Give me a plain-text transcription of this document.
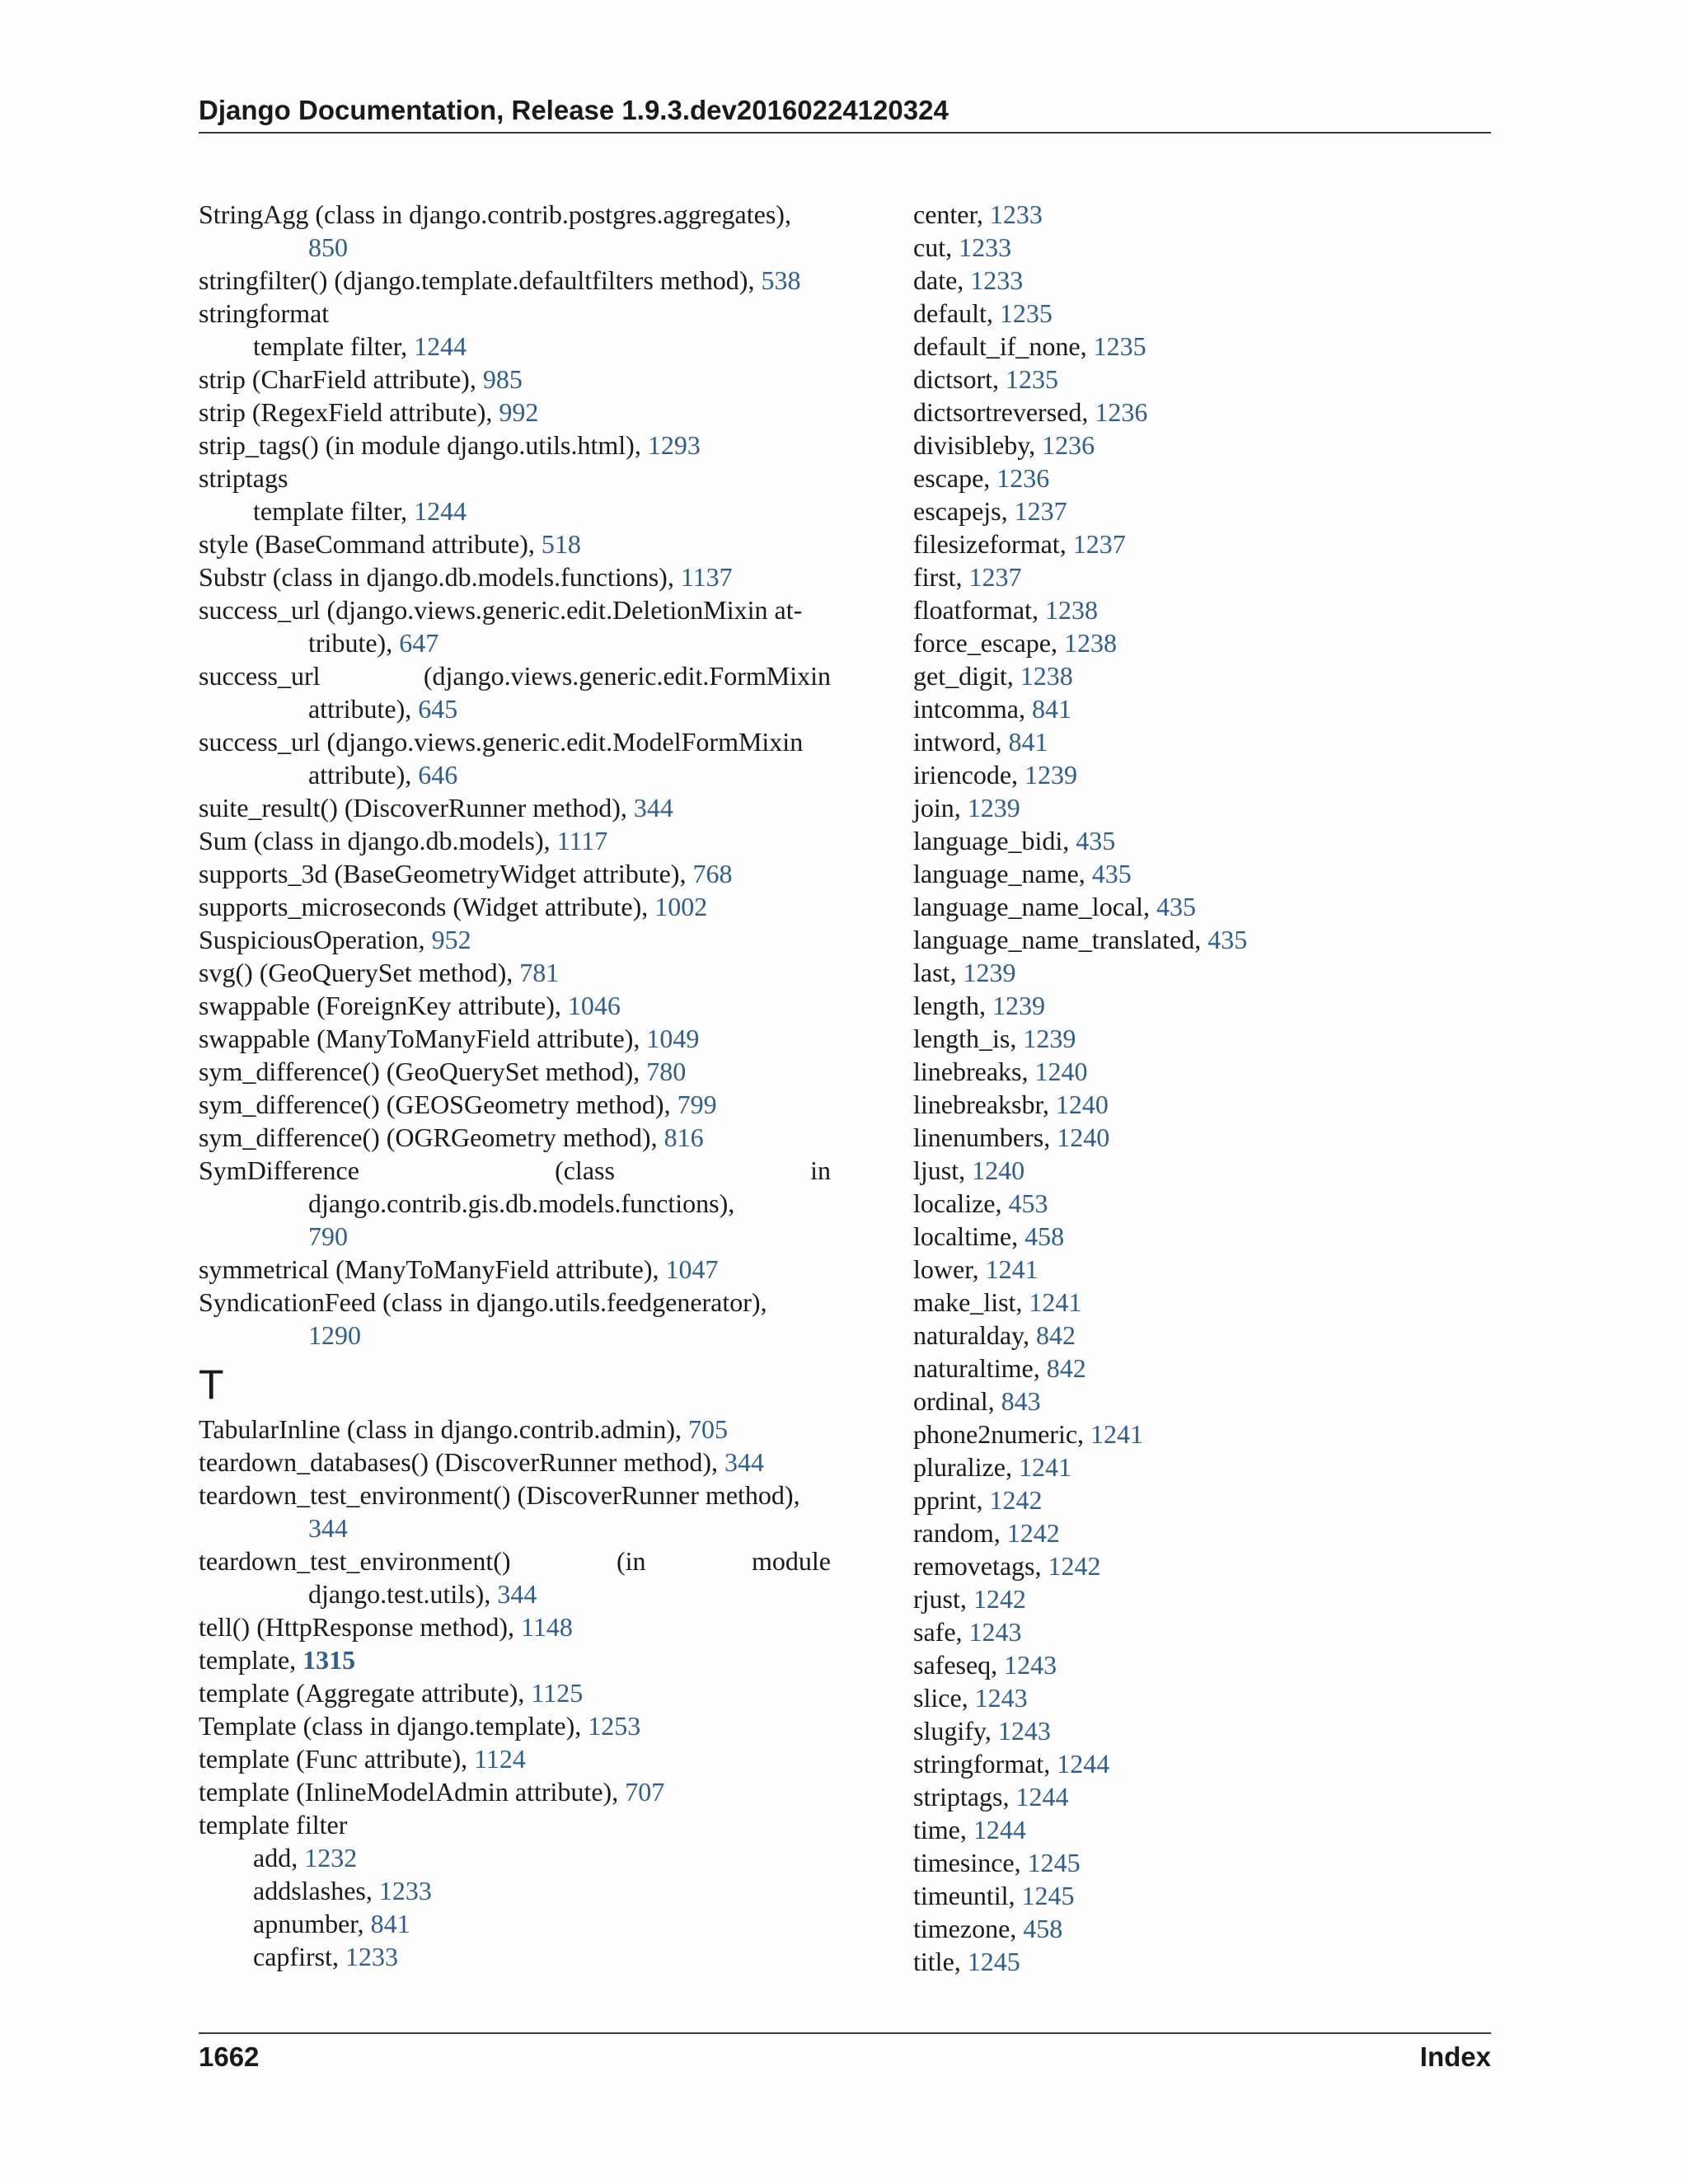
Django Documentation, Release 1.9.3.dev20160224120324
StringAgg (class in django.contrib.postgres.aggregates),
850
stringfilter() (django.template.defaultfilters method), 538
stringformat
template filter, 1244
strip (CharField attribute), 985
strip (RegexField attribute), 992
strip_tags() (in module django.utils.html), 1293
striptags
template filter, 1244
style (BaseCommand attribute), 518
Substr (class in django.db.models.functions), 1137
success_url (django.views.generic.edit.DeletionMixin at-
tribute), 647
success_url	(django.views.generic.edit.FormMixin
attribute), 645
success_url (django.views.generic.edit.ModelFormMixin
attribute), 646
suite_result() (DiscoverRunner method), 344
Sum (class in django.db.models), 1117
supports_3d (BaseGeometryWidget attribute), 768
supports_microseconds (Widget attribute), 1002
SuspiciousOperation, 952
svg() (GeoQuerySet method), 781
swappable (ForeignKey attribute), 1046
swappable (ManyToManyField attribute), 1049
sym_difference() (GeoQuerySet method), 780
sym_difference() (GEOSGeometry method), 799
sym_difference() (OGRGeometry method), 816
SymDifference	(class	in
django.contrib.gis.db.models.functions),
790
symmetrical (ManyToManyField attribute), 1047
SyndicationFeed (class in django.utils.feedgenerator),
1290
T
TabularInline (class in django.contrib.admin), 705
teardown_databases() (DiscoverRunner method), 344
teardown_test_environment() (DiscoverRunner method),
344
teardown_test_environment()	(in	module
django.test.utils), 344
tell() (HttpResponse method), 1148
template, 1315
template (Aggregate attribute), 1125
Template (class in django.template), 1253
template (Func attribute), 1124
template (InlineModelAdmin attribute), 707
template filter
add, 1232
addslashes, 1233
apnumber, 841
capfirst, 1233
center, 1233
cut, 1233
date, 1233
default, 1235
default_if_none, 1235
dictsort, 1235
dictsortreversed, 1236
divisibleby, 1236
escape, 1236
escapejs, 1237
filesizeformat, 1237
first, 1237
floatformat, 1238
force_escape, 1238
get_digit, 1238
intcomma, 841
intword, 841
iriencode, 1239
join, 1239
language_bidi, 435
language_name, 435
language_name_local, 435
language_name_translated, 435
last, 1239
length, 1239
length_is, 1239
linebreaks, 1240
linebreaksbr, 1240
linenumbers, 1240
ljust, 1240
localize, 453
localtime, 458
lower, 1241
make_list, 1241
naturalday, 842
naturaltime, 842
ordinal, 843
phone2numeric, 1241
pluralize, 1241
pprint, 1242
random, 1242
removetags, 1242
rjust, 1242
safe, 1243
safeseq, 1243
slice, 1243
slugify, 1243
stringformat, 1244
striptags, 1244
time, 1244
timesince, 1245
timeuntil, 1245
timezone, 458
title, 1245
1662	Index
